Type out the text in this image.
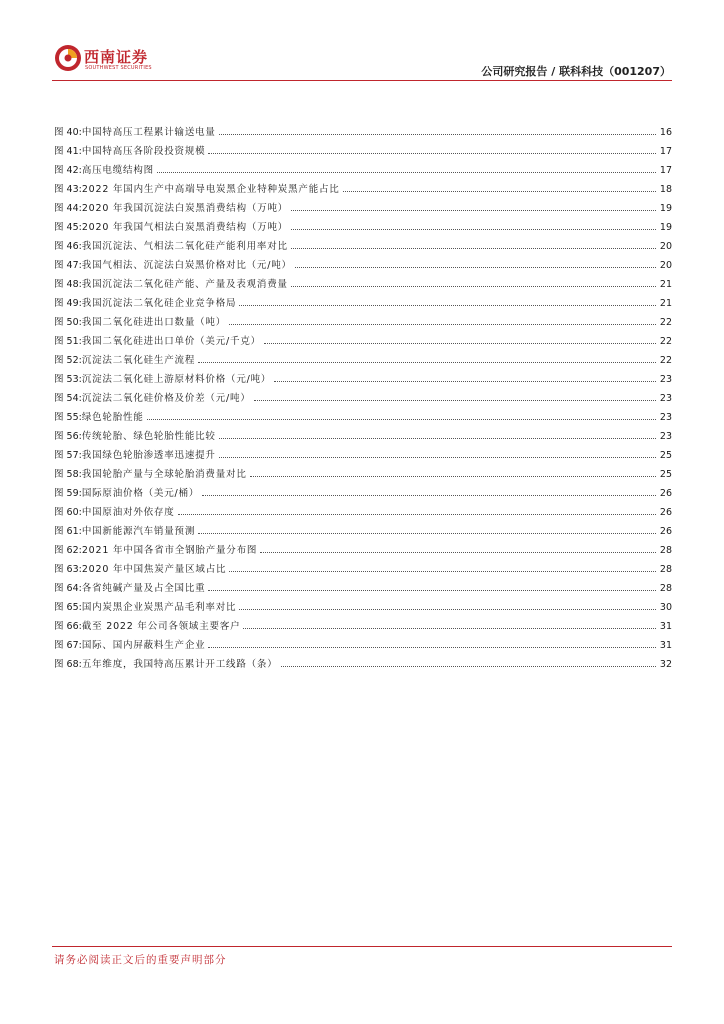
西南证券
SOUTHWEST SECURITIES	公司研究报告 / 联科科技（001207）
图 40: 中国特高压工程累计输送电量	16
图 41: 中国特高压各阶段投资规模	17
图 42: 高压电缆结构图	17
图 43: 2022 年国内生产中高端导电炭黑企业特种炭黑产能占比	18
图 44: 2020 年我国沉淀法白炭黑消费结构（万吨）	19
图 45: 2020 年我国气相法白炭黑消费结构（万吨）	19
图 46: 我国沉淀法、气相法二氧化硅产能利用率对比	20
图 47: 我国气相法、沉淀法白炭黑价格对比（元/吨）	20
图 48: 我国沉淀法二氧化硅产能、产量及表观消费量	21
图 49: 我国沉淀法二氧化硅企业竞争格局	21
图 50: 我国二氧化硅进出口数量（吨）	22
图 51: 我国二氧化硅进出口单价（美元/千克）	22
图 52: 沉淀法二氧化硅生产流程	22
图 53: 沉淀法二氧化硅上游原材料价格（元/吨）	23
图 54: 沉淀法二氧化硅价格及价差（元/吨）	23
图 55: 绿色轮胎性能	23
图 56: 传统轮胎、绿色轮胎性能比较	23
图 57: 我国绿色轮胎渗透率迅速提升	25
图 58: 我国轮胎产量与全球轮胎消费量对比	25
图 59: 国际原油价格（美元/桶）	26
图 60: 中国原油对外依存度	26
图 61: 中国新能源汽车销量预测	26
图 62: 2021 年中国各省市全钢胎产量分布图	28
图 63: 2020 年中国焦炭产量区域占比	28
图 64: 各省纯碱产量及占全国比重	28
图 65: 国内炭黑企业炭黑产品毛利率对比	30
图 66: 截至 2022 年公司各领域主要客户	31
图 67: 国际、国内屏蔽料生产企业	31
图 68: 五年维度，我国特高压累计开工线路（条）	32
请务必阅读正文后的重要声明部分
